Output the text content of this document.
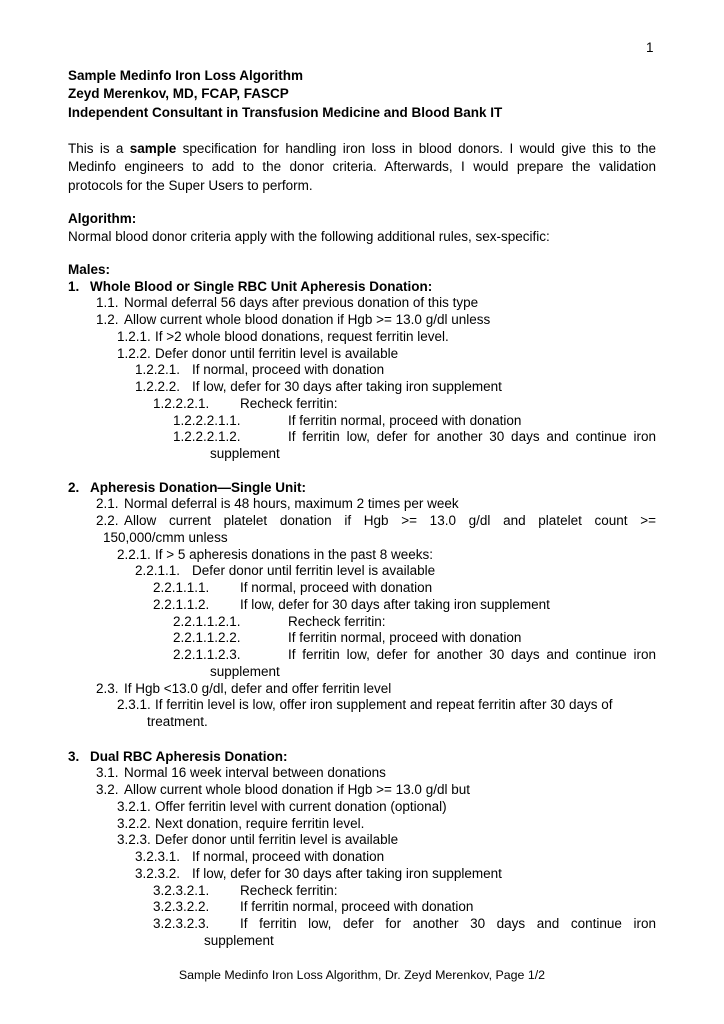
1
Sample Medinfo Iron Loss Algorithm
Zeyd Merenkov, MD, FCAP, FASCP
Independent Consultant in Transfusion Medicine and Blood Bank IT
This is a sample specification for handling iron loss in blood donors. I would give this to the
Medinfo engineers to add to the donor criteria. Afterwards, I would prepare the validation
protocols for the Super Users to perform.
Algorithm:
Normal blood donor criteria apply with the following additional rules, sex-specific:
Males:
1. Whole Blood or Single RBC Unit Apheresis Donation:
1.1. Normal deferral 56 days after previous donation of this type
1.2. Allow current whole blood donation if Hgb >= 13.0 g/dl unless
1.2.1. If >2 whole blood donations, request ferritin level.
1.2.2. Defer donor until ferritin level is available
1.2.2.1. If normal, proceed with donation
1.2.2.2. If low, defer for 30 days after taking iron supplement
1.2.2.2.1. Recheck ferritin:
1.2.2.2.1.1.	If ferritin normal, proceed with donation
1.2.2.2.1.2.	If ferritin low, defer for another 30 days and continue iron
supplement
2. Apheresis Donation—Single Unit:
2.1. Normal deferral is 48 hours, maximum 2 times per week
2.2. Allow current platelet donation if Hgb >= 13.0 g/dl and platelet count >=
150,000/cmm unless
2.2.1. If > 5 apheresis donations in the past 8 weeks:
2.2.1.1. Defer donor until ferritin level is available
2.2.1.1.1. If normal, proceed with donation
2.2.1.1.2. If low, defer for 30 days after taking iron supplement
2.2.1.1.2.1.	Recheck ferritin:
2.2.1.1.2.2.	If ferritin normal, proceed with donation
2.2.1.1.2.3.	If ferritin low, defer for another 30 days and continue iron
supplement
2.3. If Hgb <13.0 g/dl, defer and offer ferritin level
2.3.1. If ferritin level is low, offer iron supplement and repeat ferritin after 30 days of
treatment.
3. Dual RBC Apheresis Donation:
3.1. Normal 16 week interval between donations
3.2. Allow current whole blood donation if Hgb >= 13.0 g/dl but
3.2.1. Offer ferritin level with current donation (optional)
3.2.2. Next donation, require ferritin level.
3.2.3. Defer donor until ferritin level is available
3.2.3.1. If normal, proceed with donation
3.2.3.2. If low, defer for 30 days after taking iron supplement
3.2.3.2.1. Recheck ferritin:
3.2.3.2.2. If ferritin normal, proceed with donation
3.2.3.2.3. If ferritin low, defer for another 30 days and continue iron
supplement
Sample Medinfo Iron Loss Algorithm, Dr. Zeyd Merenkov, Page 1/2
